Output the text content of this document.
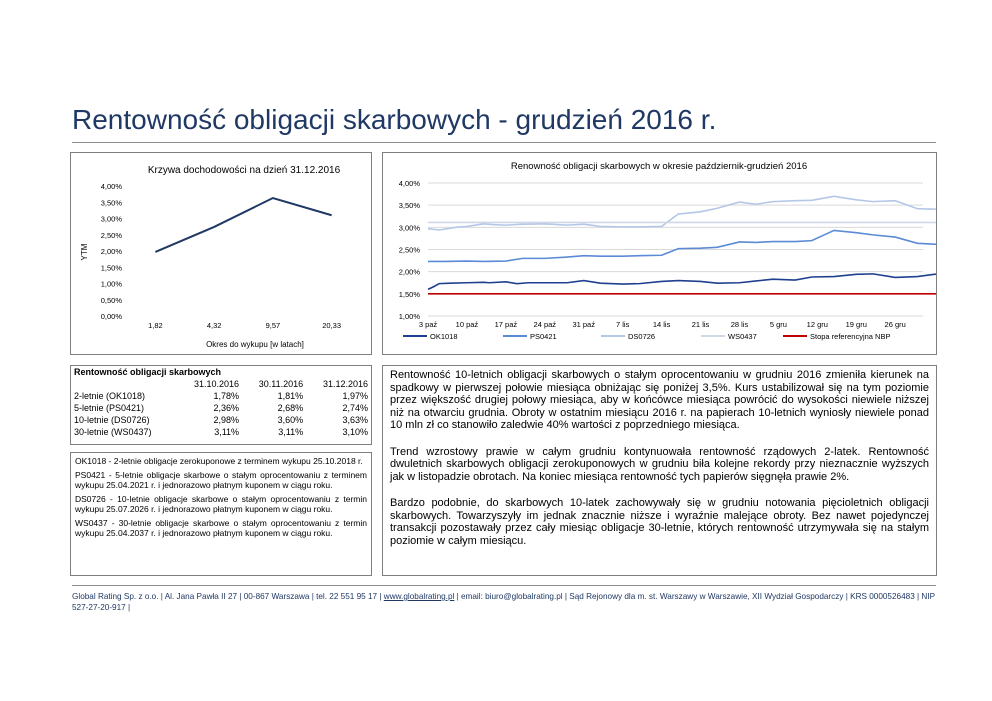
Rentowność obligacji skarbowych - grudzień 2016 r.
Krzywa dochodowości na dzień 31.12.2016
YTM
Okres do wykupu [w latach]
0,00%
0,50%
1,00%
1,50%
2,00%
2,50%
3,00%
3,50%
4,00%
1,82	4,32	9,57	20,33
Renowność obligacji skarbowych w okresie październik-grudzień 2016
1,00%
1,50%
2,00%
2,50%
3,00%
3,50%
4,00%
3 paź 10 paź 17 paź 24 paź 31 paź	7 lis	14 lis	21 lis	28 lis	5 gru	12 gru 19 gru 26 gru
OK1018	PS0421	DS0726	WS0437	Stopa referencyjna NBP
Rentowność obligacji skarbowych			
	31.10.2016	30.11.2016	31.12.2016
2-letnie (OK1018)	1,78%	1,81%	1,97%
5-letnie (PS0421)	2,36%	2,68%	2,74%
10-letnie (DS0726)	2,98%	3,60%	3,63%
30-letnie (WS0437)	3,11%	3,11%	3,10%

OK1018 - 2-letnie obligacje zerokuponowe z terminem wykupu 25.10.2018 r.

PS0421 - 5-letnie obligacje skarbowe o stałym oprocentowaniu z terminem wykupu 25.04.2021 r. i jednorazowo płatnym kuponem w ciągu roku.

DS0726 - 10-letnie obligacje skarbowe o stałym oprocentowaniu z termin wykupu 25.07.2026 r. i jednorazowo płatnym kuponem w ciągu roku.

WS0437 - 30-letnie obligacje skarbowe o stałym oprocentowaniu z termin wykupu 25.04.2037 r. i jednorazowo płatnym kuponem w ciągu roku.

Rentowność 10-letnich obligacji skarbowych o stałym oprocentowaniu w grudniu 2016 zmieniła kierunek na spadkowy w pierwszej połowie miesiąca obniżając się poniżej 3,5%. Kurs ustabilizował się na tym poziomie przez większość drugiej połowy miesiąca, aby w końcówce miesiąca powrócić do wysokości niewiele niższej niż na otwarciu grudnia. Obroty w ostatnim miesiącu 2016 r. na papierach 10-letnich wyniosły niewiele ponad 10 mln zł co stanowiło zaledwie 40% wartości z poprzedniego miesiąca.

Trend wzrostowy prawie w całym grudniu kontynuowała rentowność rządowych 2-latek. Rentowność dwuletnich skarbowych obligacji zerokuponowych w grudniu biła kolejne rekordy przy nieznacznie wyższych jak w listopadzie obrotach. Na koniec miesiąca rentowność tych papierów sięgnęła prawie 2%.

Bardzo podobnie, do skarbowych 10-latek zachowywały się w grudniu notowania pięcioletnich obligacji skarbowych. Towarzyszyły im jednak znacznie niższe i wyraźnie malejące obroty. Bez nawet pojedynczej transakcji pozostawały przez cały miesiąc obligacje 30-letnie, których rentowność utrzymywała się na stałym poziomie w całym miesiącu.

Global Rating Sp. z o.o. | Al. Jana Pawła II 27 | 00-867 Warszawa | tel. 22 551 95 17 | www.globalrating.pl | email: biuro@globalrating.pl | Sąd Rejonowy dla m. st. Warszawy w Warszawie, XII Wydział Gospodarczy | KRS 0000526483 | NIP 527-27-20-917 |
